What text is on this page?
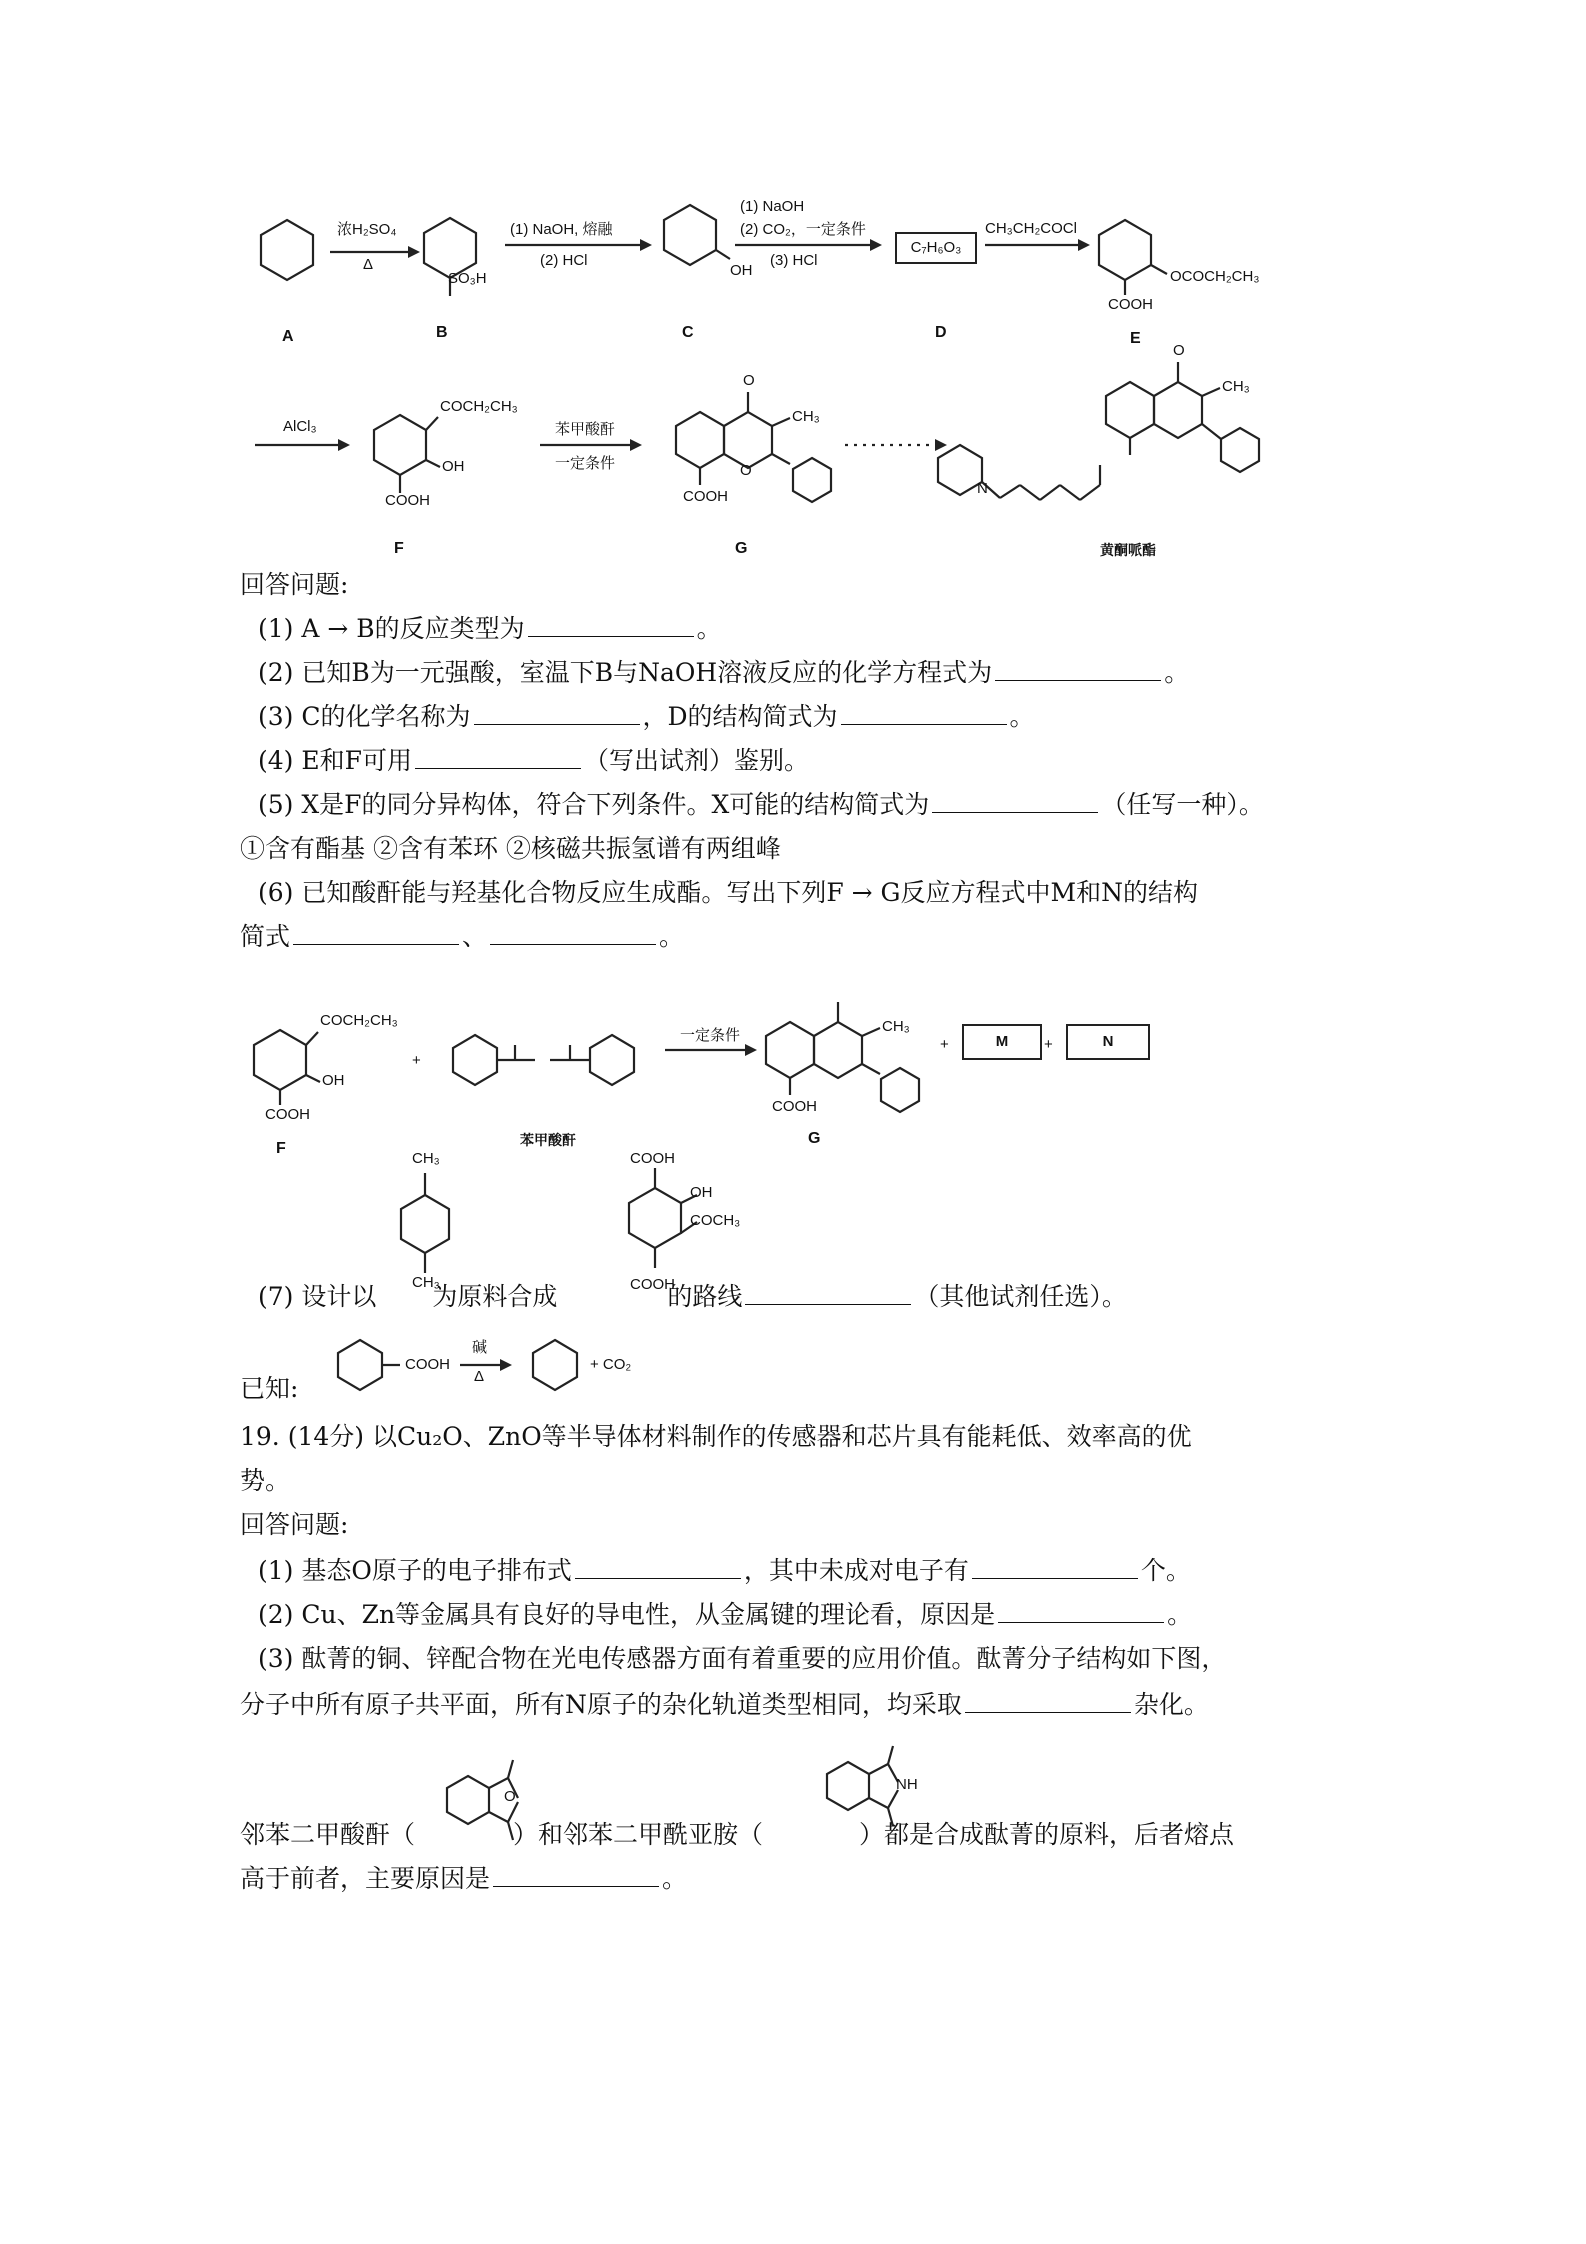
浓H₂SO₄
Δ
SO₃H
(1) NaOH, 熔融
(2) HCl
OH
(1) NaOH
(2) CO₂，一定条件
(3) HCl
C₇H₆O₃
CH₃CH₂COCl
OCOCH₂CH₃
COOH
A	B	C	D	E
AlCl₃
COCH₂CH₃
OH
COOH
苯甲酸酐
一定条件
O
CH₃
O
COOH
O
CH₃
N
F	G	黄酮哌酯
回答问题:
(1) A → B的反应类型为	。
(2) 已知B为一元强酸，室温下B与NaOH溶液反应的化学方程式为	。
(3) C的化学名称为	，D的结构简式为	。
(4) E和F可用	（写出试剂）鉴别。
(5) X是F的同分异构体，符合下列条件。X可能的结构简式为	（任写一种）。
①含有酯基 ②含有苯环 ②核磁共振氢谱有两组峰
(6) 已知酸酐能与羟基化合物反应生成酯。写出下列F → G反应方程式中M和N的结构
简式	、	。
COCH₂CH₃
OH
COOH
F
+
苯甲酸酐
一定条件
CH₃
COOH
G
+	M	+	N
CH₃
CH₃
COOH
OH
COCH₃
COOH
(7) 设计以 为原料合成	的路线	（其他试剂任选）。
已知:
COOH
碱
Δ
+ CO₂
19. (14分) 以Cu₂O、ZnO等半导体材料制作的传感器和芯片具有能耗低、效率高的优
势。
回答问题:
(1) 基态O原子的电子排布式	，其中未成对电子有	个。
(2) Cu、Zn等金属具有良好的导电性，从金属键的理论看，原因是	。
(3) 酞菁的铜、锌配合物在光电传感器方面有着重要的应用价值。酞菁分子结构如下图，
分子中所有原子共平面，所有N原子的杂化轨道类型相同，均采取	杂化。
O
NH
邻苯二甲酸酐（	）和邻苯二甲酰亚胺（	）都是合成酞菁的原料，后者熔点
高于前者，主要原因是	。
